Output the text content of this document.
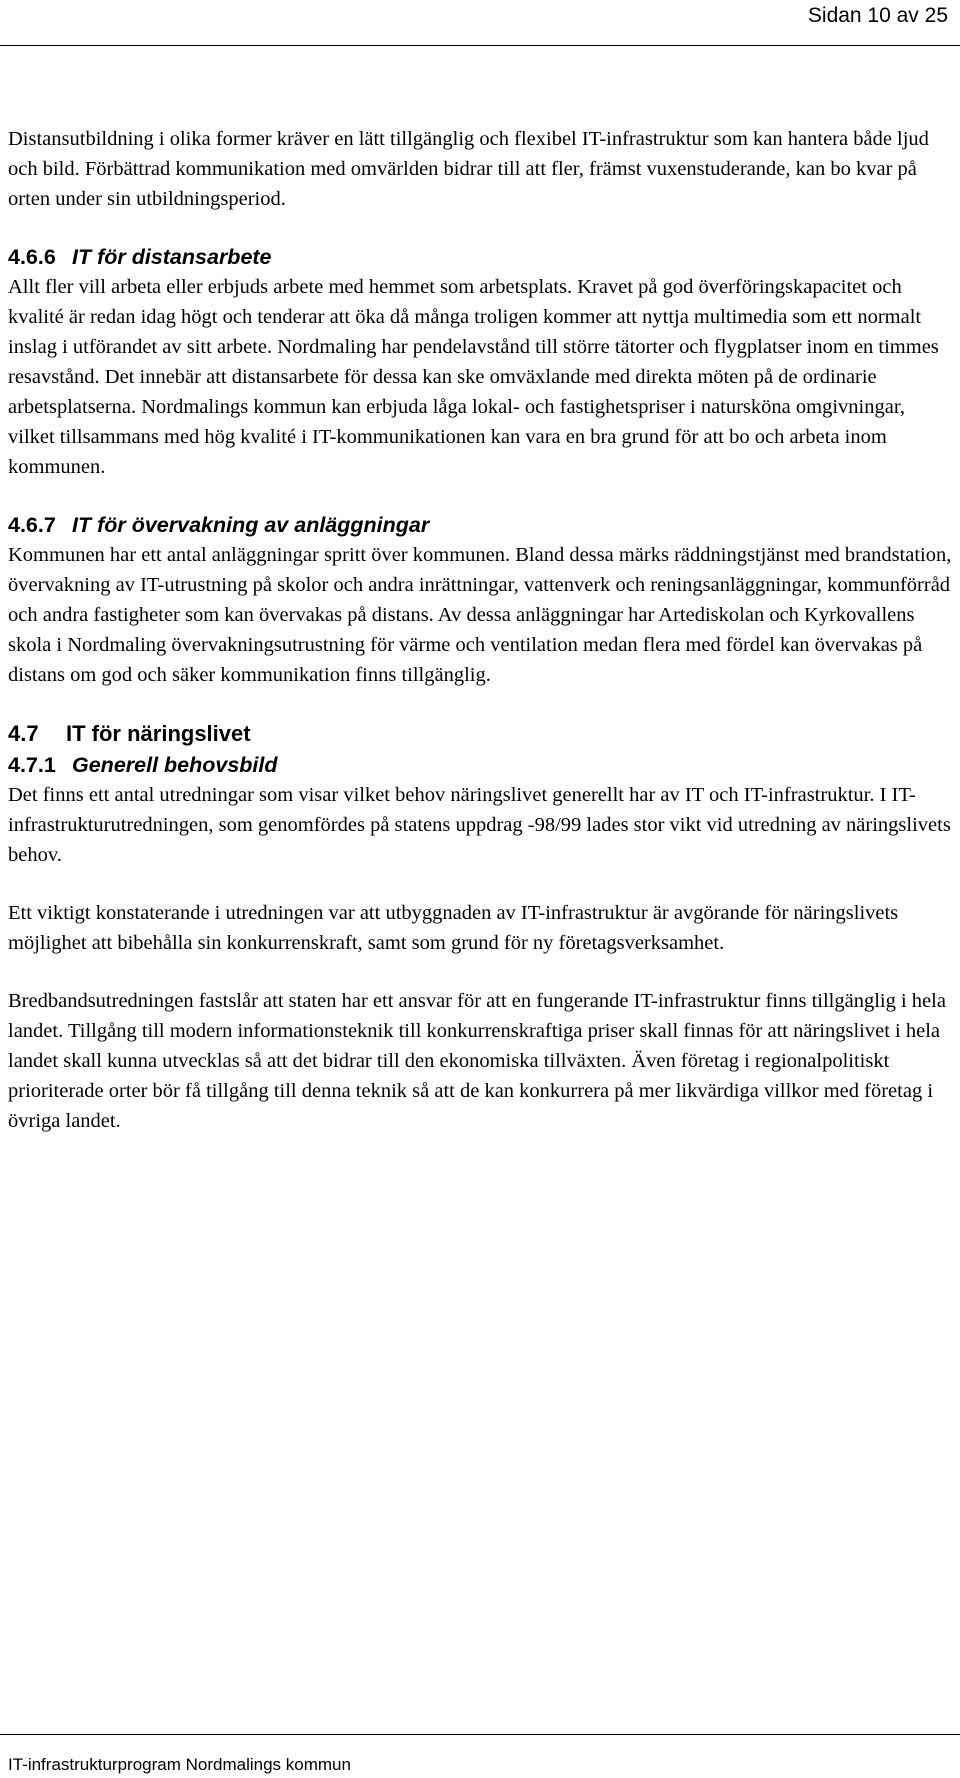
Sidan 10 av 25

Distansutbildning i olika former kräver en lätt tillgänglig och flexibel IT-infrastruktur som kan hantera både ljud och bild. Förbättrad kommunikation med omvärlden bidrar till att fler, främst vuxenstuderande, kan bo kvar på orten under sin utbildningsperiod.

4.6.6 IT för distansarbete

Allt fler vill arbeta eller erbjuds arbete med hemmet som arbetsplats. Kravet på god överföringskapacitet och kvalité är redan idag högt och tenderar att öka då många troligen kommer att nyttja multimedia som ett normalt inslag i utförandet av sitt arbete. Nordmaling har pendelavstånd till större tätorter och flygplatser inom en timmes resavstånd. Det innebär att distansarbete för dessa kan ske omväxlande med direkta möten på de ordinarie arbetsplatserna. Nordmalings kommun kan erbjuda låga lokal- och fastighetspriser i natursköna omgivningar, vilket tillsammans med hög kvalité i IT-kommunikationen kan vara en bra grund för att bo och arbeta inom kommunen.

4.6.7 IT för övervakning av anläggningar

Kommunen har ett antal anläggningar spritt över kommunen. Bland dessa märks räddningstjänst med brandstation, övervakning av IT-utrustning på skolor och andra inrättningar, vattenverk och reningsanläggningar, kommunförråd och andra fastigheter som kan övervakas på distans. Av dessa anläggningar har Artediskolan och Kyrkovallens skola i Nordmaling övervakningsutrustning för värme och ventilation medan flera med fördel kan övervakas på distans om god och säker kommunikation finns tillgänglig.

4.7 IT för näringslivet
4.7.1 Generell behovsbild

Det finns ett antal utredningar som visar vilket behov näringslivet generellt har av IT och IT-infrastruktur. I IT-infrastrukturutredningen, som genomfördes på statens uppdrag -98/99 lades stor vikt vid utredning av näringslivets behov.

Ett viktigt konstaterande i utredningen var att utbyggnaden av IT-infrastruktur är avgörande för näringslivets möjlighet att bibehålla sin konkurrenskraft, samt som grund för ny företagsverksamhet.

Bredbandsutredningen fastslår att staten har ett ansvar för att en fungerande IT-infrastruktur finns tillgänglig i hela landet. Tillgång till modern informationsteknik till konkurrenskraftiga priser skall finnas för att näringslivet i hela landet skall kunna utvecklas så att det bidrar till den ekonomiska tillväxten. Även företag i regionalpolitiskt prioriterade orter bör få tillgång till denna teknik så att de kan konkurrera på mer likvärdiga villkor med företag i övriga landet.

IT-infrastrukturprogram Nordmalings kommun
